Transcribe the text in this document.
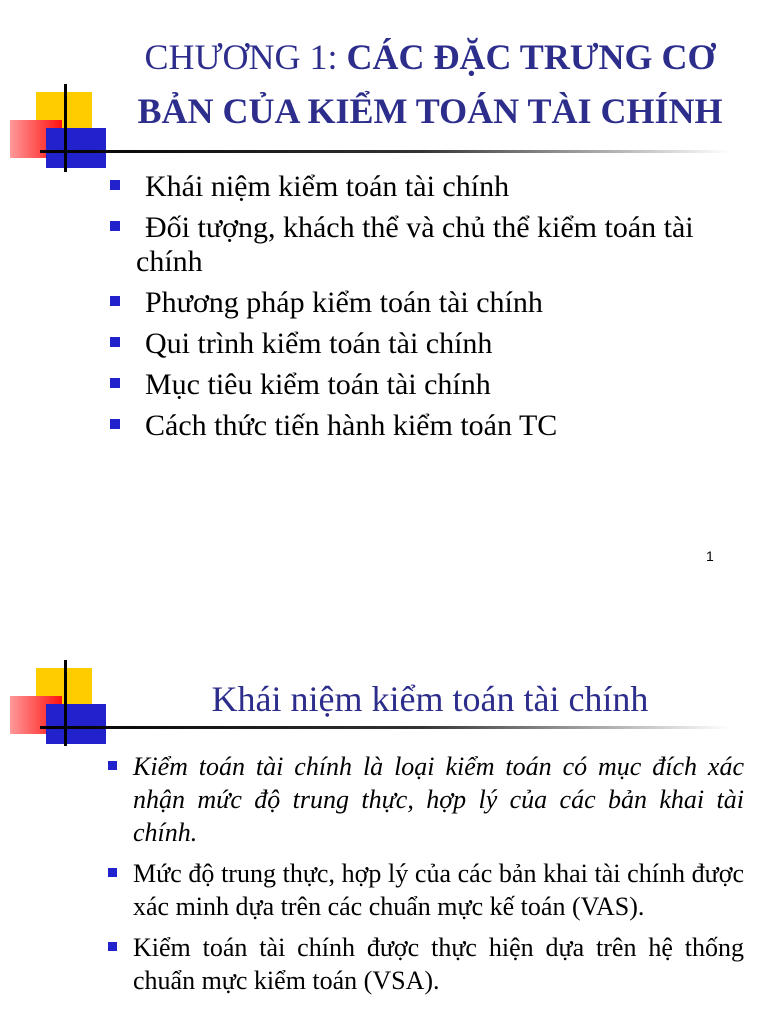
CHƯƠNG 1: CÁC ĐẶC TRƯNG CƠ
BẢN CỦA KIỂM TOÁN TÀI CHÍNH
Khái niệm kiểm toán tài chính
Đối tượng, khách thể và chủ thể kiểm toán tài chính
Phương pháp kiểm toán tài chính
Qui trình kiểm toán tài chính
Mục tiêu kiểm toán tài chính
Cách thức tiến hành kiểm toán TC
1
Khái niệm kiểm toán tài chính
Kiểm toán tài chính là loại kiểm toán có mục đích xác nhận mức độ trung thực, hợp lý của các bản khai tài chính.
Mức độ trung thực, hợp lý của các bản khai tài chính được xác minh dựa trên các chuẩn mực kế toán (VAS).
Kiểm toán tài chính được thực hiện dựa trên hệ thống chuẩn mực kiểm toán (VSA).
